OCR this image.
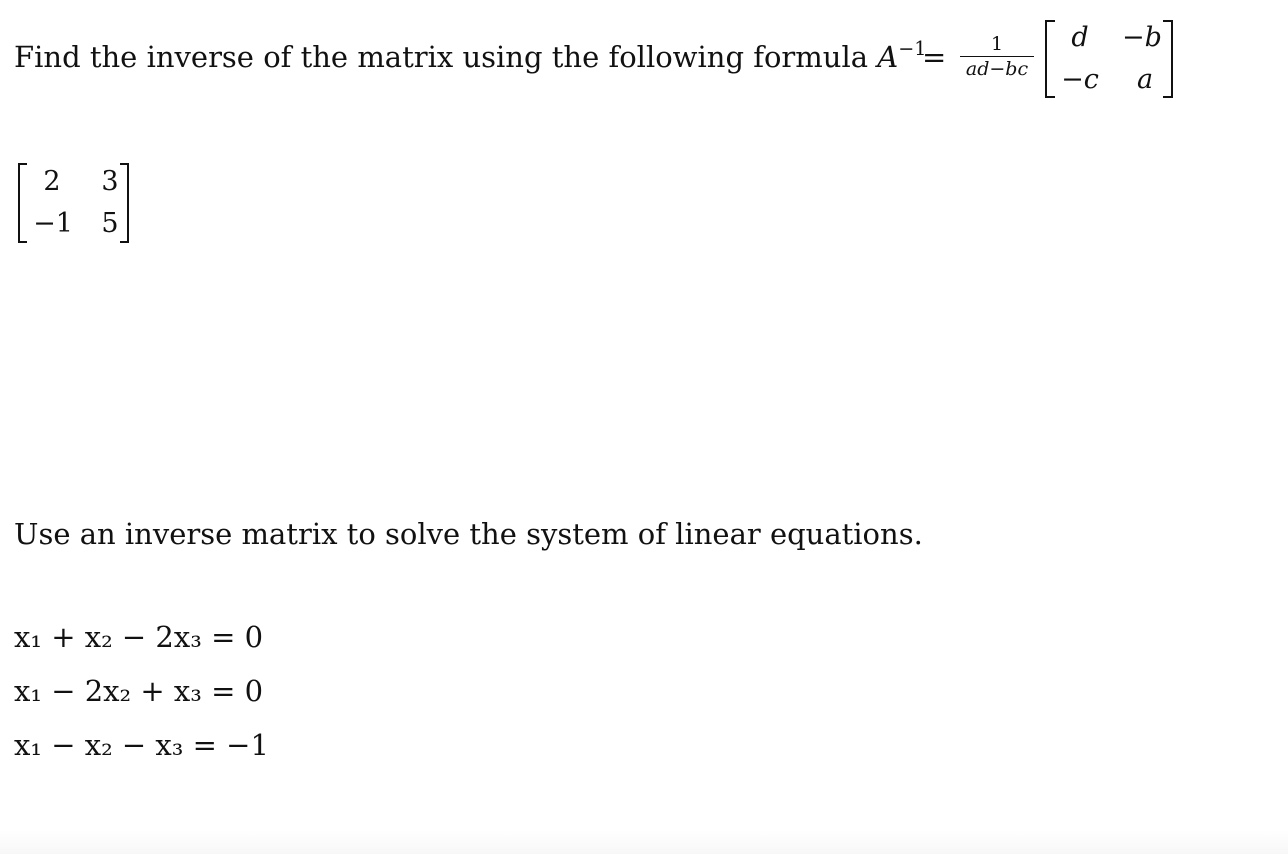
Find the inverse of the matrix using the following formula $A^{-1}$
=	1
ad−bc
d	−b
−c	a
2	3
−1 5
Use an inverse matrix to solve the system of linear equations.
x₁ + x₂ − 2x₃ = 0
x₁ − 2x₂ + x₃ = 0
x₁ − x₂ − x₃ = −1
